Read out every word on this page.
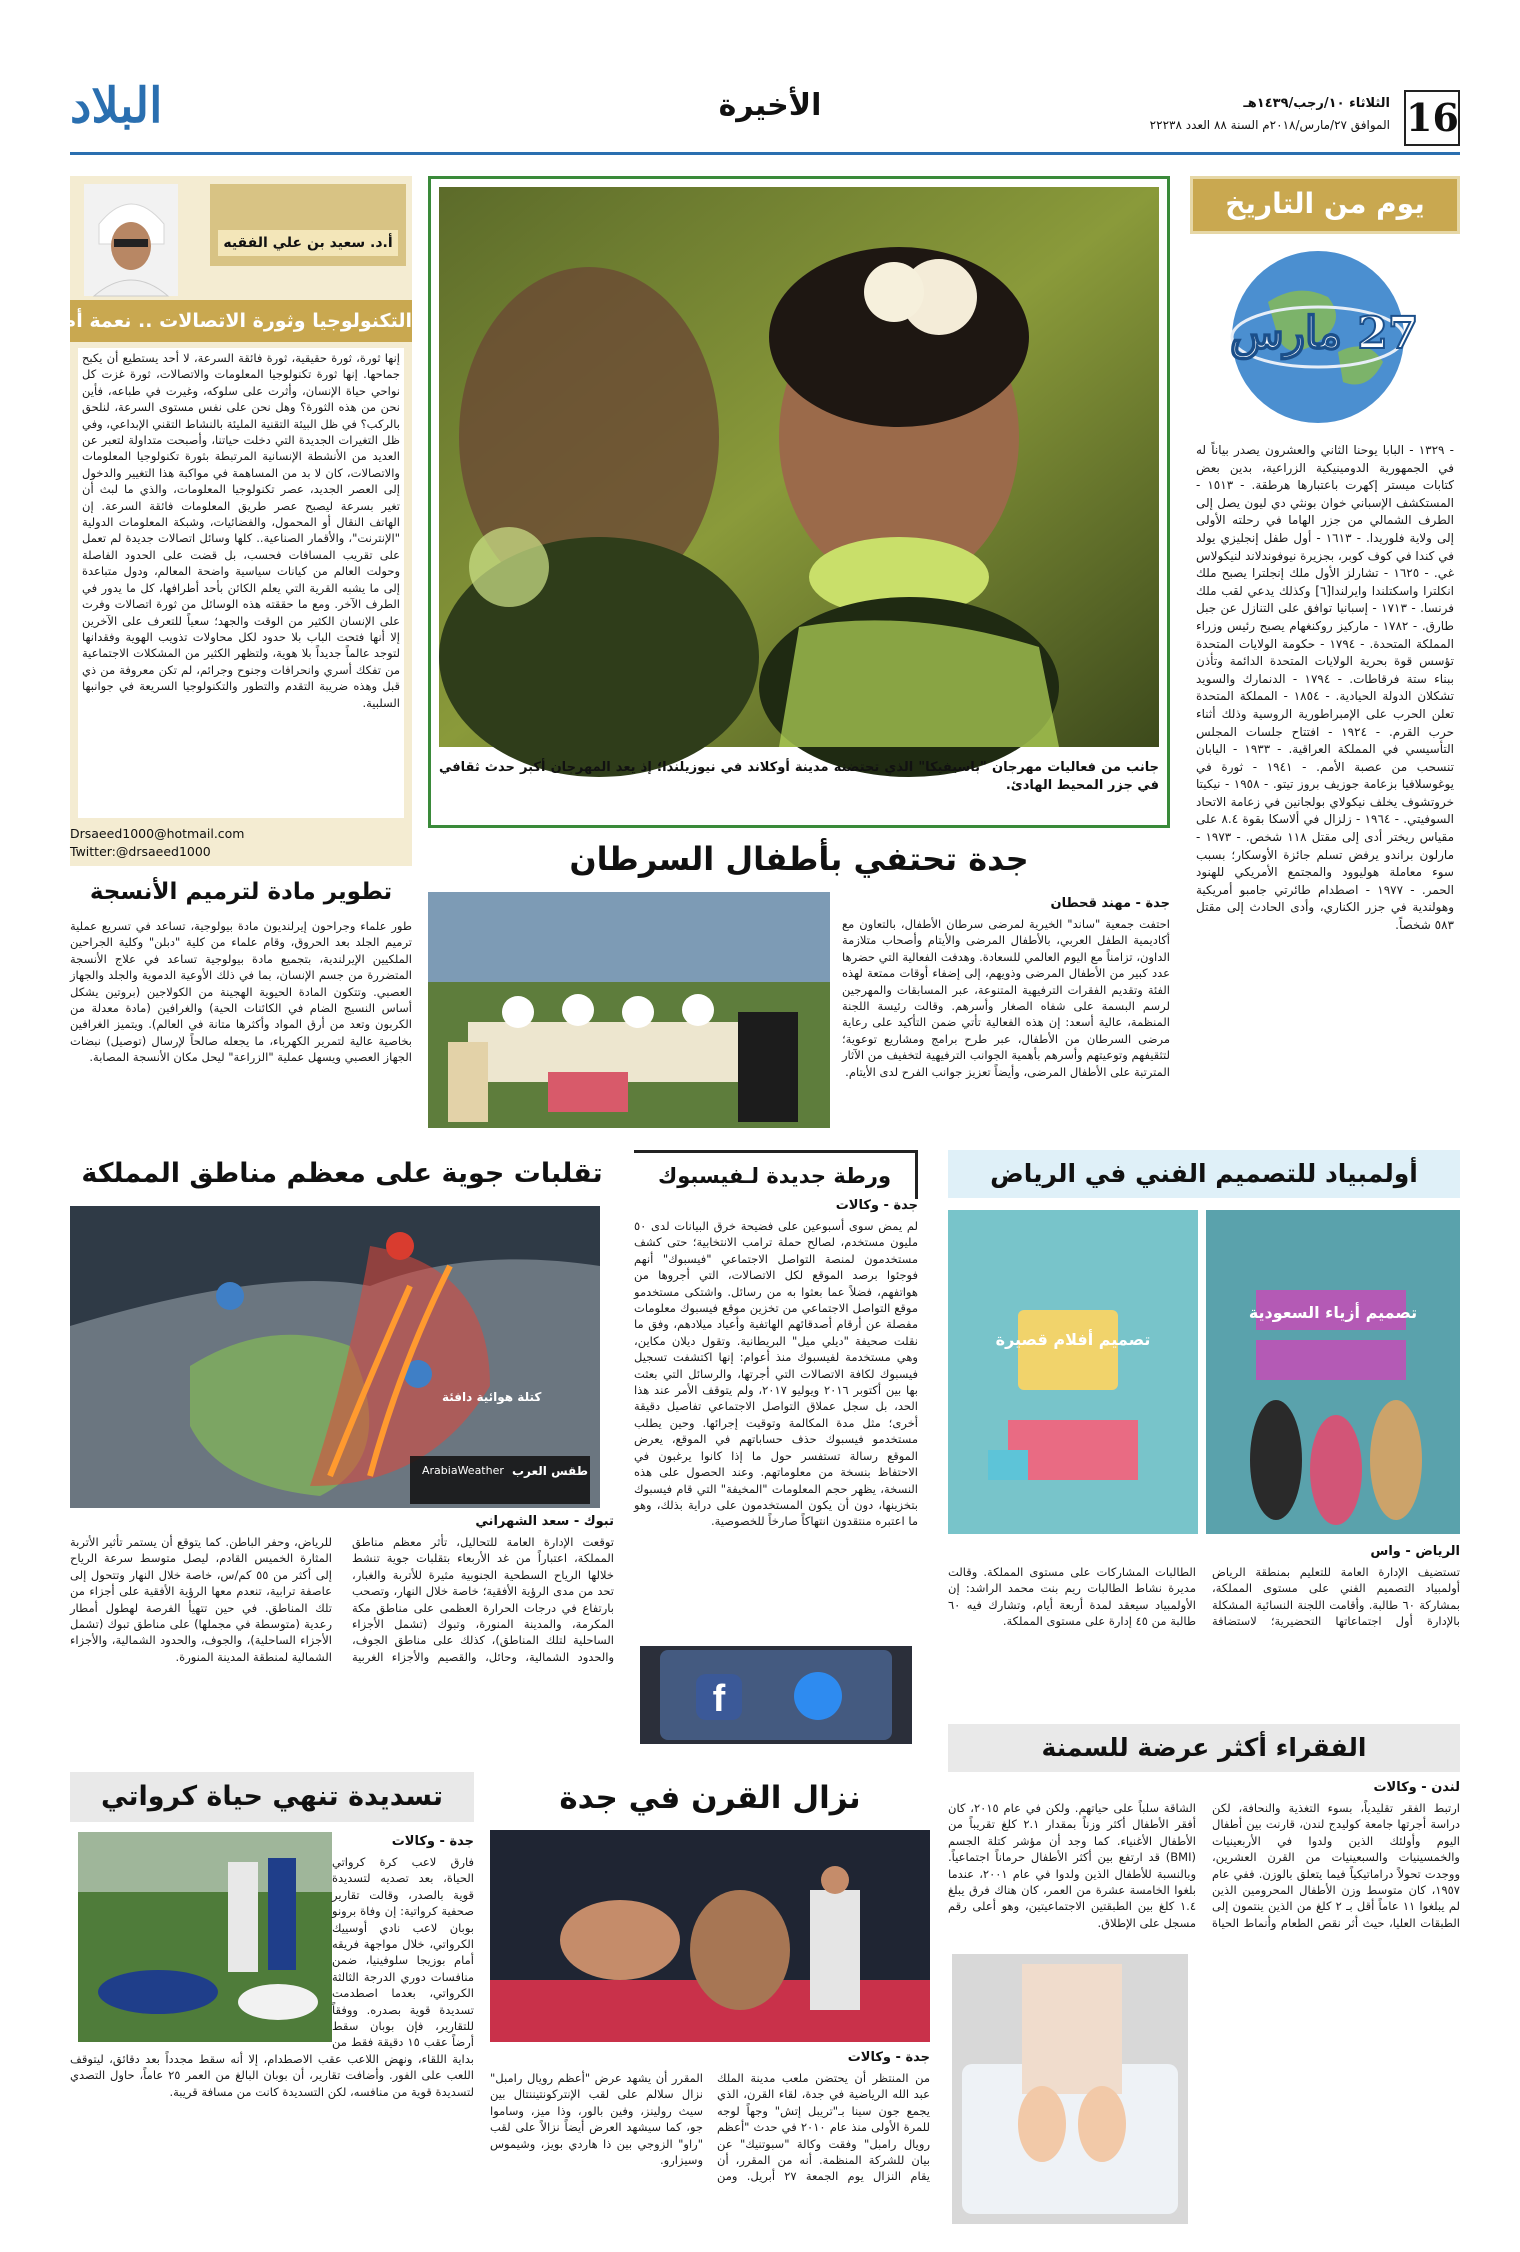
16
الثلاثاء ١٠/رجب/١٤٣٩هـ
الموافق ٢٧/مارس/٢٠١٨م السنة ٨٨ العدد ٢٢٢٣٨
الأخيرة
البلاد
يوم من التاريخ
27 مارس
- ١٣٢٩ - البابا يوحنا الثاني والعشرون يصدر بياناً له في الجمهورية الدومينيكية الزراعية، بدين بعض كتابات ميستر إكهرت باعتبارها هرطقة. - ١٥١٣ - المستكشف الإسباني خوان بونثي دي ليون يصل إلى الطرف الشمالي من جزر الهاما في رحلته الأولى إلى ولاية فلوريدا. - ١٦١٣ - أول طفل إنجليزي يولد في كندا في كوف كوبر، بجزيرة نيوفوندلاند لنيكولاس غي. - ١٦٢٥ - تشارلز الأول ملك إنجلترا يصبح ملك انكلترا واسكتلندا وايرلندا[٦] وكذلك يدعي لقب ملك فرنسا. - ١٧١٣ - إسبانيا توافق على التنازل عن جبل طارق. - ١٧٨٢ - ماركيز روكنغهام يصبح رئيس وزراء المملكة المتحدة. - ١٧٩٤ - حكومة الولايات المتحدة تؤسس قوة بحرية الولايات المتحدة الدائمة وتأذن ببناء ستة فرقاطات. - ١٧٩٤ - الدنمارك والسويد تشكلان الدولة الحيادية. - ١٨٥٤ - المملكة المتحدة تعلن الحرب على الإمبراطورية الروسية وذلك أثناء حرب القرم. - ١٩٢٤ - افتتاح جلسات المجلس التأسيسي في المملكة العراقية. - ١٩٣٣ - اليابان تنسحب من عصبة الأمم. - ١٩٤١ - ثورة في يوغوسلافيا بزعامة جوزيف بروز تيتو. - ١٩٥٨ - نيكيتا خروتشوف يخلف نيكولاي بولجانين في زعامة الاتحاد السوفيتي. - ١٩٦٤ - زلزال في ألاسكا بقوة ٨.٤ على مقياس ريختر أدى إلى مقتل ١١٨ شخص. - ١٩٧٣ - مارلون براندو يرفض تسلم جائزة الأوسكار؛ بسبب سوء معاملة هوليوود والمجتمع الأمريكي للهنود الحمر. - ١٩٧٧ - اصطدام طائرتي جامبو أمريكية وهولندية في جزر الكناري، وأدى الحادث إلى مقتل ٥٨٣ شخصاً.
جانب من فعاليات مهرجان "باسيفيكا" الذي تحتضنه مدينة أوكلاند في نيوزيلندا؛ إذ يعد المهرجان أكبر حدث ثقافي في جزر المحيط الهادئ.
أ.د. سعيد بن علي الفقيه
التكنولوجيا وثورة الاتصالات .. نعمة أم نقمة؟
إنها ثورة، ثورة حقيقية، ثورة فائقة السرعة، لا أحد يستطيع أن يكبح جماحها. إنها ثورة تكنولوجيا المعلومات والاتصالات، ثورة غزت كل نواحي حياة الإنسان، وأثرت على سلوكه، وغيرت في طباعه، فأين نحن من هذه الثورة؟ وهل نحن على نفس مستوى السرعة، لنلحق بالركب؟ في ظل البيئة التقنية المليئة بالنشاط التقني الإبداعي، وفي ظل التغيرات الجديدة التي دخلت حياتنا، وأصبحت متداولة لتعبر عن العديد من الأنشطة الإنسانية المرتبطة بثورة تكنولوجيا المعلومات والاتصالات، كان لا بد من المساهمة في مواكبة هذا التغيير والدخول إلى العصر الجديد، عصر تكنولوجيا المعلومات، والذي ما لبث أن تغير بسرعة ليصبح عصر طريق المعلومات فائقة السرعة. إن الهاتف النقال أو المحمول، والفضائيات، وشبكة المعلومات الدولية "الإنترنت"، والأقمار الصناعية.. كلها وسائل اتصالات جديدة لم تعمل على تقريب المسافات فحسب، بل قضت على الحدود الفاصلة وحولت العالم من كيانات سياسية واضحة المعالم، ودول متباعدة إلى ما يشبه القرية التي يعلم الكائن بأحد أطرافها، كل ما يدور في الطرف الآخر. ومع ما حققته هذه الوسائل من ثورة اتصالات وفرت على الإنسان الكثير من الوقت والجهد؛ سعياً للتعرف على الآخرين إلا أنها فتحت الباب بلا حدود لكل محاولات تذويب الهوية وفقدانها لتوجد عالماً جديداً بلا هوية، ولتظهر الكثير من المشكلات الاجتماعية من تفكك أسري وانحرافات وجنوح وجرائم، لم تكن معروفة من ذي قبل وهذه ضريبة التقدم والتطور والتكنولوجيا السريعة في جوانبها السلبية.
Drsaeed1000@hotmail.com
Twitter:@drsaeed1000
تطوير مادة لترميم الأنسجة
طور علماء وجراحون إيرلنديون مادة بيولوجية، تساعد في تسريع عملية ترميم الجلد بعد الحروق، وقام علماء من كلية "دبلن" وكلية الجراحين الملكيين الإيرلندية، بتجميع مادة بيولوجية تساعد في علاج الأنسجة المتضررة من جسم الإنسان، بما في ذلك الأوعية الدموية والجلد والجهاز العصبي. وتتكون المادة الحيوية الهجينة من الكولاجين (بروتين يشكل أساس النسيج الضام في الكائنات الحية) والغرافين (مادة معدلة من الكربون وتعد من أرق المواد وأكثرها متانة في العالم). ويتميز الغرافين بخاصية عالية لتمرير الكهرباء، ما يجعله صالحاً لإرسال (توصيل) نبضات الجهاز العصبي ويسهل عملية "الزراعة" ليحل مكان الأنسجة المصابة.
جدة تحتفي بأطفال السرطان
جدة - مهند قحطان
احتفت جمعية "ساند" الخيرية لمرضى سرطان الأطفال، بالتعاون مع أكاديمية الطفل العربي، بالأطفال المرضى والأيتام وأصحاب متلازمة الداون، تزامناً مع اليوم العالمي للسعادة. وهدفت الفعالية التي حضرها عدد كبير من الأطفال المرضى وذويهم، إلى إضفاء أوقات ممتعة لهذه الفئة وتقديم الفقرات الترفيهية المتنوعة، عبر المسابقات والمهرجين لرسم البسمة على شفاه الصغار وأسرهم. وقالت رئيسة اللجنة المنظمة، عالية أسعد: إن هذه الفعالية تأتي ضمن التأكيد على رعاية مرضى السرطان من الأطفال، عبر طرح برامج ومشاريع توعوية؛ لتثقيفهم وتوعيتهم وأسرهم بأهمية الجوانب الترفيهية لتخفيف من الآثار المترتبة على الأطفال المرضى، وأيضاً تعزيز جوانب الفرح لدى الأيتام.
تقلبات جوية على معظم مناطق المملكة
طقس العرب
ArabiaWeather
كتلة هوائية دافئة
تبوك - سعد الشهراني
توقعت الإدارة العامة للتحاليل، تأثر معظم مناطق المملكة، اعتباراً من غد الأربعاء بتقلبات جوية تنشط خلالها الرياح السطحية الجنوبية مثيرة للأتربة والغبار، تحد من مدى الرؤية الأفقية؛ خاصة خلال النهار، وتصحب بارتفاع في درجات الحرارة العظمى على مناطق مكة المكرمة، والمدينة المنورة، وتبوك (تشمل الأجزاء الساحلية لتلك المناطق)، كذلك على مناطق الجوف، والحدود الشمالية، وحائل، والقصيم والأجزاء الغربية للرياض، وحفر الباطن. كما يتوقع أن يستمر تأثير الأتربة المثارة الخميس القادم، ليصل متوسط سرعة الرياح إلى أكثر من ٥٥ كم/س، خاصة خلال النهار وتتحول إلى عاصفة ترابية، تنعدم معها الرؤية الأفقية على أجزاء من تلك المناطق. في حين تتهيأ الفرصة لهطول أمطار رعدية (متوسطة في مجملها) على مناطق تبوك (تشمل الأجزاء الساحلية)، والجوف، والحدود الشمالية، والأجزاء الشمالية لمنطقة المدينة المنورة.
ورطة جديدة لـفيسبوك
جدة - وكالات
لم يمض سوى أسبوعين على فضيحة خرق البيانات لدى ٥٠ مليون مستخدم، لصالح حملة ترامب الانتخابية؛ حتى كشف مستخدمون لمنصة التواصل الاجتماعي "فيسبوك" أنهم فوجئوا برصد الموقع لكل الاتصالات، التي أجروها من هواتفهم، فضلاً عما بعثوا به من رسائل. واشتكى مستخدمو موقع التواصل الاجتماعي من تخزين موقع فيسبوك معلومات مفصلة عن أرقام أصدقائهم الهاتفية وأعياد ميلادهم، وفق ما نقلت صحيفة "ديلي ميل" البريطانية. وتقول ديلان مكاين، وهي مستخدمة لفيسبوك منذ أعوام: إنها اكتشفت تسجيل فيسبوك لكافة الاتصالات التي أجرتها، والرسائل التي بعثت بها بين أكتوبر ٢٠١٦ ويوليو ٢٠١٧، ولم يتوقف الأمر عند هذا الحد، بل سجل عملاق التواصل الاجتماعي تفاصيل دقيقة أخرى؛ مثل مدة المكالمة وتوقيت إجرائها. وحين يطلب مستخدمو فيسبوك حذف حساباتهم في الموقع، يعرض الموقع رسالة تستفسر حول ما إذا كانوا يرغبون في الاحتفاظ بنسخة من معلوماتهم. وعند الحصول على هذه النسخة، يظهر حجم المعلومات "المخيفة" التي قام فيسبوك بتخزينها، دون أن يكون المستخدمون على دراية بذلك، وهو ما اعتبره منتقدون انتهاكاً صارخاً للخصوصية.
f
أولمبياد للتصميم الفني في الرياض
تصميم أفلام قصيرة
تصميم أزياء السعودية
الرياض - واس
تستضيف الإدارة العامة للتعليم بمنطقة الرياض أولمبياد التصميم الفني على مستوى المملكة، بمشاركة ٦٠ طالبة. وأقامت اللجنة النسائية المشكلة بالإدارة أول اجتماعاتها التحضيرية؛ لاستضافة الطالبات المشاركات على مستوى المملكة. وقالت مديرة نشاط الطالبات ريم بنت محمد الراشد: إن الأولمبياد سيعقد لمدة أربعة أيام، وتشارك فيه ٦٠ طالبة من ٤٥ إدارة على مستوى المملكة.
الفقراء أكثر عرضة للسمنة
لندن - وكالات
ارتبط الفقر تقليدياً، بسوء التغذية والنحافة، لكن دراسة أجرتها جامعة كوليدج لندن، قارنت بين أطفال اليوم وأولئك الذين ولدوا في الأربعينيات والخمسينيات والسبعينيات من القرن العشرين، ووجدت تحولاً دراماتيكياً فيما يتعلق بالوزن. ففي عام ١٩٥٧، كان متوسط وزن الأطفال المحرومين الذين لم يبلغوا ١١ عاماً أقل بـ ٢ كلغ من الذين ينتمون إلى الطبقات العليا، حيث أثر نقص الطعام وأنماط الحياة الشاقة سلباً على حياتهم. ولكن في عام ٢٠١٥، كان أفقر الأطفال أكثر وزناً بمقدار ٢.١ كلغ تقريباً من الأطفال الأغنياء. كما وجد أن مؤشر كتلة الجسم (BMI) قد ارتفع بين أكثر الأطفال حرماناً اجتماعياً. وبالنسبة للأطفال الذين ولدوا في عام ٢٠٠١، عندما بلغوا الخامسة عشرة من العمر، كان هناك فرق يبلغ ١.٤ كلغ بين الطبقتين الاجتماعيتين، وهو أعلى رقم مسجل على الإطلاق.
نزال القرن في جدة
جدة - وكالات
من المنتظر أن يحتضن ملعب مدينة الملك عبد الله الرياضية في جدة، لقاء القرن، الذي يجمع جون سينا بـ"تريبل إتش" وجهاً لوجه للمرة الأولى منذ عام ٢٠١٠ في حدث "أعظم رويال رامبل" وفقت وكالة "سبوتنيك" عن بيان للشركة المنظمة. أنه من المقرر، أن يقام النزال يوم الجمعة ٢٧ أبريل. ومن المقرر أن يشهد عرض "أعظم رويال رامبل" نزال سلالم على لقب الإنتركونتيننتال بين سيث رولينز، وفين بالور، وذا ميز، وساموا جو، كما سيشهد العرض أيضاً نزالاً على لقب "راو" الزوجي بين ذا هاردي بويز، وشيموس وسيزارو.
تسديدة تنهي حياة كرواتي
جدة - وكالات
فارق لاعب كرة كرواتي الحياة، بعد تصديه لتسديدة قوية بالصدر، وقالت تقارير صحفية كرواتية: إن وفاة برونو بوبان لاعب نادي أوسييك الكرواتي، خلال مواجهة فريقه أمام بوزيجا سلوفينيا، ضمن منافسات دوري الدرجة الثالثة الكرواتي، بعدما اصطدمت تسديدة قوية بصدره. ووفقاً للتقارير، فإن بوبان سقط أرضاً عقب ١٥ دقيقة فقط من بداية اللقاء، ونهض اللاعب عقب الاصطدام، إلا أنه سقط مجدداً بعد دقائق، ليتوقف اللعب على الفور. وأضافت تقارير، أن بوبان البالغ من العمر ٢٥ عاماً، حاول التصدي لتسديدة قوية من منافسه، لكن التسديدة كانت من مسافة قريبة.
